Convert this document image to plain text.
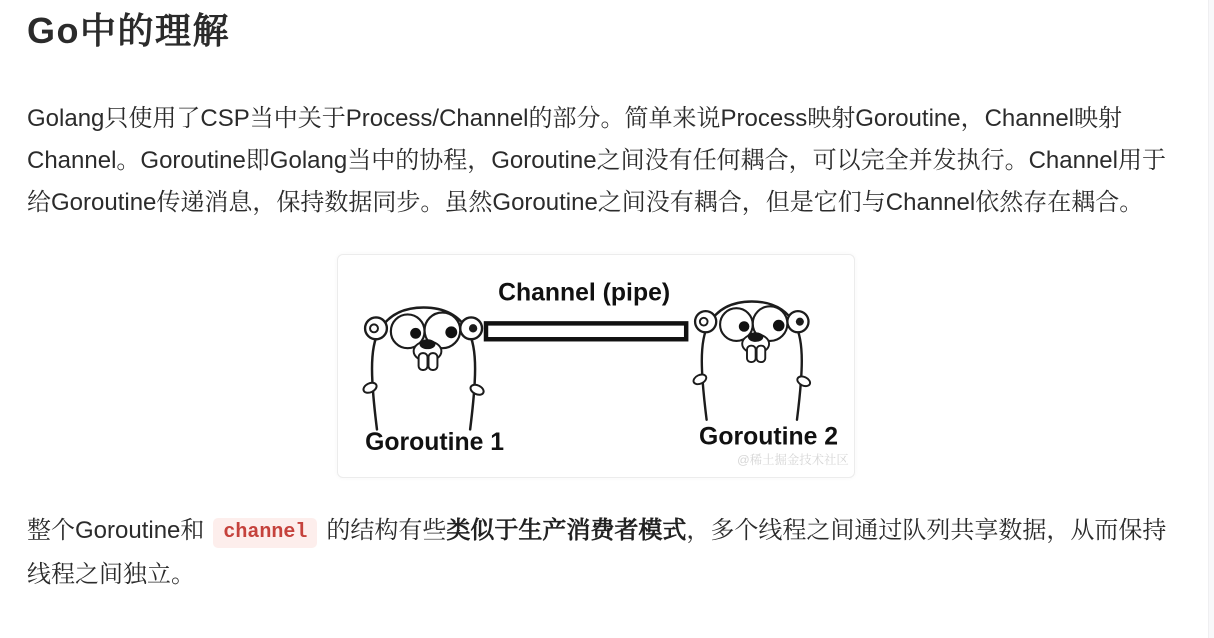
Go中的理解

Golang只使用了CSP当中关于Process/Channel的部分。简单来说Process映射Goroutine，Channel映射Channel。Goroutine即Golang当中的协程，Goroutine之间没有任何耦合，可以完全并发执行。Channel用于给Goroutine传递消息，保持数据同步。虽然Goroutine之间没有耦合，但是它们与Channel依然存在耦合。

Channel (pipe)
Goroutine 1	Goroutine 2
@稀土掘金技术社区

整个Goroutine和 channel 的结构有些类似于生产消费者模式，多个线程之间通过队列共享数据，从而保持线程之间独立。
